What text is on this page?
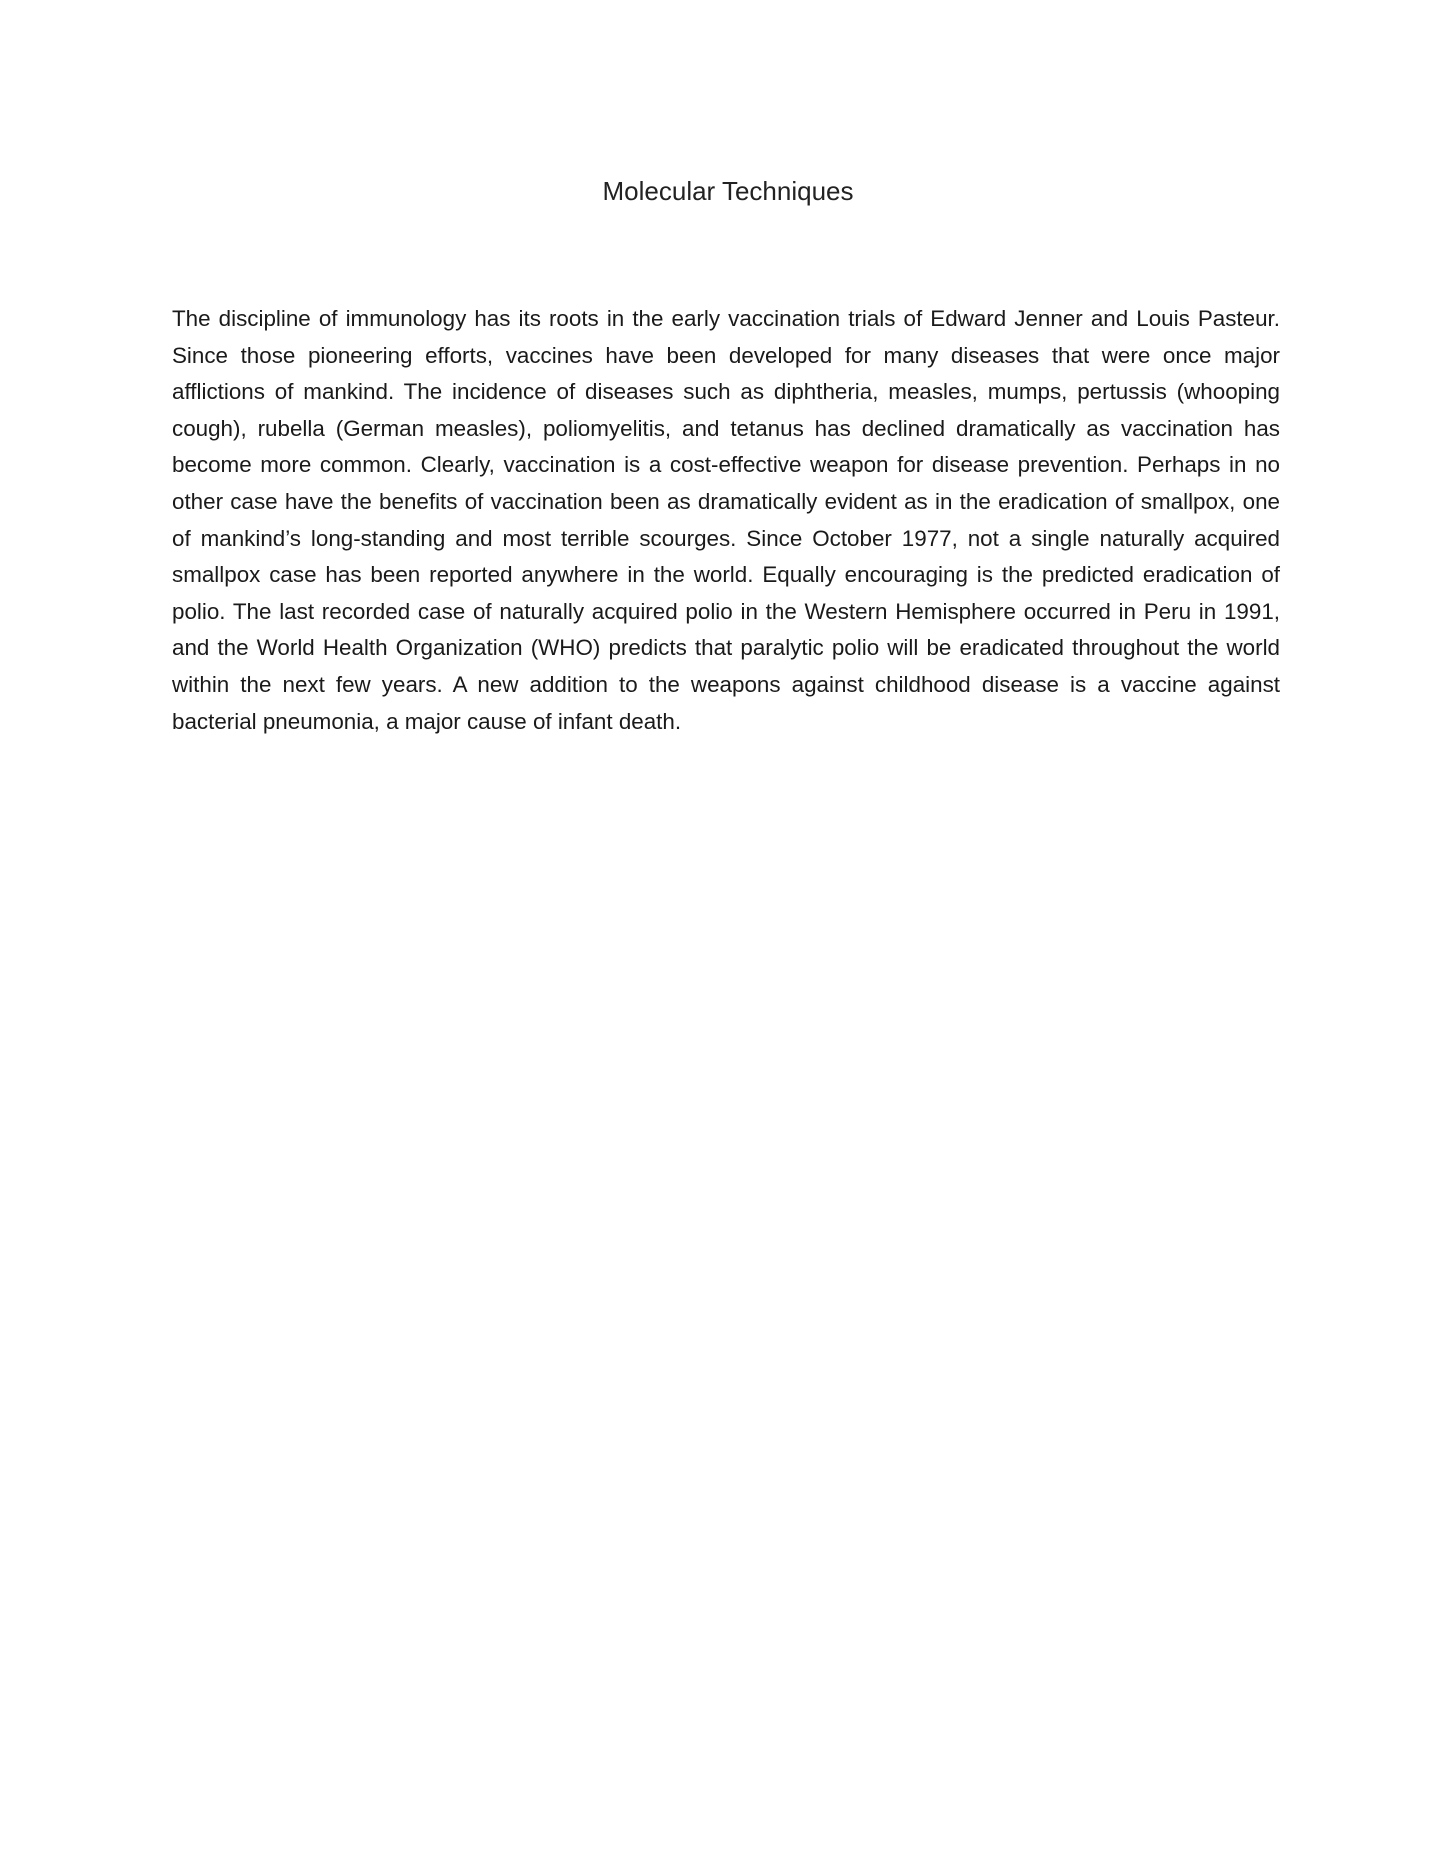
Molecular Techniques

The discipline of immunology has its roots in the early vaccination trials of Edward Jenner and Louis Pasteur. Since those pioneering efforts, vaccines have been developed for many diseases that were once major afflictions of mankind. The incidence of diseases such as diphtheria, measles, mumps, pertussis (whooping cough), rubella (German measles), poliomyelitis, and tetanus has declined dramatically as vaccination has become more common. Clearly, vaccination is a cost-effective weapon for disease prevention. Perhaps in no other case have the benefits of vaccination been as dramatically evident as in the eradication of smallpox, one of mankind’s long-standing and most terrible scourges. Since October 1977, not a single naturally acquired smallpox case has been reported anywhere in the world. Equally encouraging is the predicted eradication of polio. The last recorded case of naturally acquired polio in the Western Hemisphere occurred in Peru in 1991, and the World Health Organization (WHO) predicts that paralytic polio will be eradicated throughout the world within the next few years. A new addition to the weapons against childhood disease is a vaccine against bacterial pneumonia, a major cause of infant death.
